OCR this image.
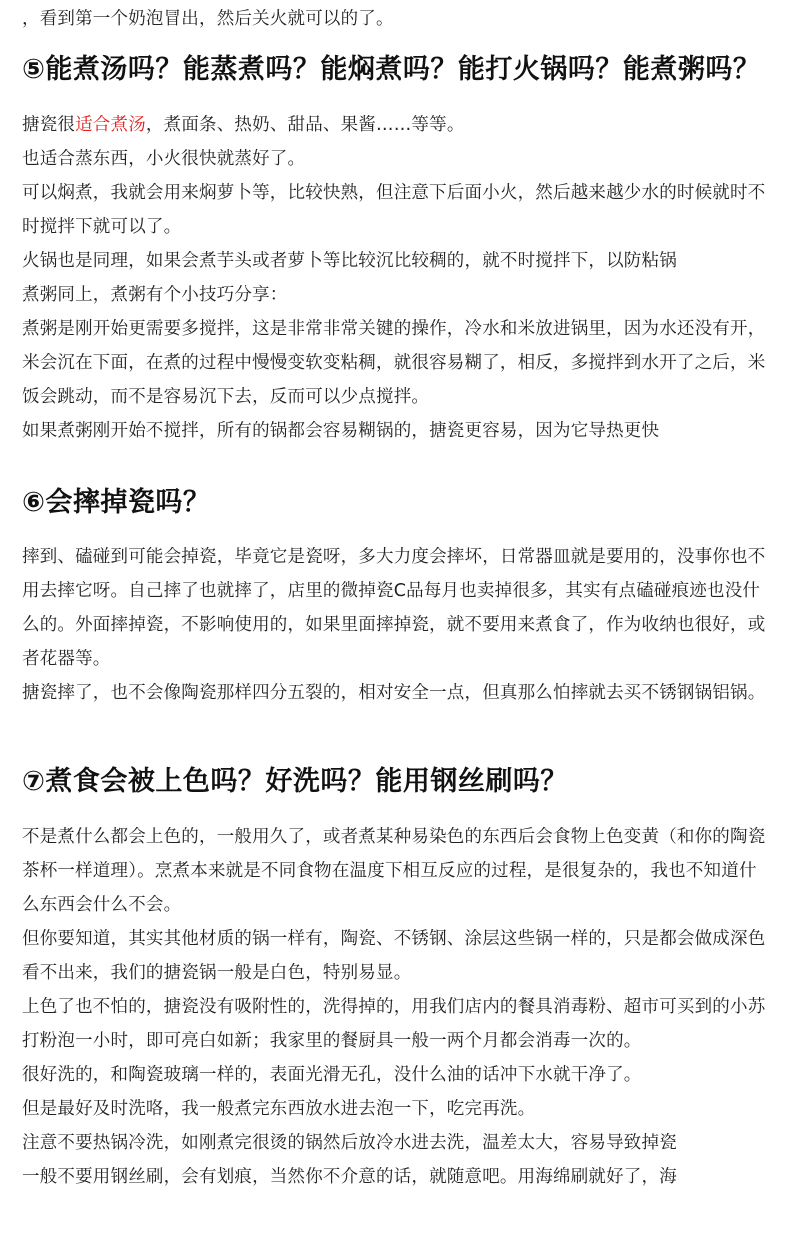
，看到第一个奶泡冒出，然后关火就可以的了。

⑤能煮汤吗？能蒸煮吗？能焖煮吗？能打火锅吗？能煮粥吗？

搪瓷很适合煮汤，煮面条、热奶、甜品、果酱……等等。

也适合蒸东西，小火很快就蒸好了。

可以焖煮，我就会用来焖萝卜等，比较快熟，但注意下后面小火，然后越来越少水的时候就时不时搅拌下就可以了。

火锅也是同理，如果会煮芋头或者萝卜等比较沉比较稠的，就不时搅拌下，以防粘锅

煮粥同上，煮粥有个小技巧分享：

煮粥是刚开始更需要多搅拌，这是非常非常关键的操作，冷水和米放进锅里，因为水还没有开，米会沉在下面，在煮的过程中慢慢变软变粘稠，就很容易糊了，相反，多搅拌到水开了之后，米饭会跳动，而不是容易沉下去，反而可以少点搅拌。

如果煮粥刚开始不搅拌，所有的锅都会容易糊锅的，搪瓷更容易，因为它导热更快

⑥会摔掉瓷吗？

摔到、磕碰到可能会掉瓷，毕竟它是瓷呀，多大力度会摔坏，日常器皿就是要用的，没事你也不用去摔它呀。自己摔了也就摔了，店里的微掉瓷C品每月也卖掉很多，其实有点磕碰痕迹也没什么的。外面摔掉瓷，不影响使用的，如果里面摔掉瓷，就不要用来煮食了，作为收纳也很好，或者花器等。

搪瓷摔了，也不会像陶瓷那样四分五裂的，相对安全一点，但真那么怕摔就去买不锈钢锅铝锅。

⑦煮食会被上色吗？好洗吗？能用钢丝刷吗？

不是煮什么都会上色的，一般用久了，或者煮某种易染色的东西后会食物上色变黄（和你的陶瓷茶杯一样道理）。烹煮本来就是不同食物在温度下相互反应的过程，是很复杂的，我也不知道什么东西会什么不会。

但你要知道，其实其他材质的锅一样有，陶瓷、不锈钢、涂层这些锅一样的，只是都会做成深色看不出来，我们的搪瓷锅一般是白色，特别易显。

上色了也不怕的，搪瓷没有吸附性的，洗得掉的，用我们店内的餐具消毒粉、超市可买到的小苏打粉泡一小时，即可亮白如新；我家里的餐厨具一般一两个月都会消毒一次的。

很好洗的，和陶瓷玻璃一样的，表面光滑无孔，没什么油的话冲下水就干净了。

但是最好及时洗咯，我一般煮完东西放水进去泡一下，吃完再洗。

注意不要热锅冷洗，如刚煮完很烫的锅然后放冷水进去洗，温差太大，容易导致掉瓷

一般不要用钢丝刷，会有划痕，当然你不介意的话，就随意吧。用海绵刷就好了，海
